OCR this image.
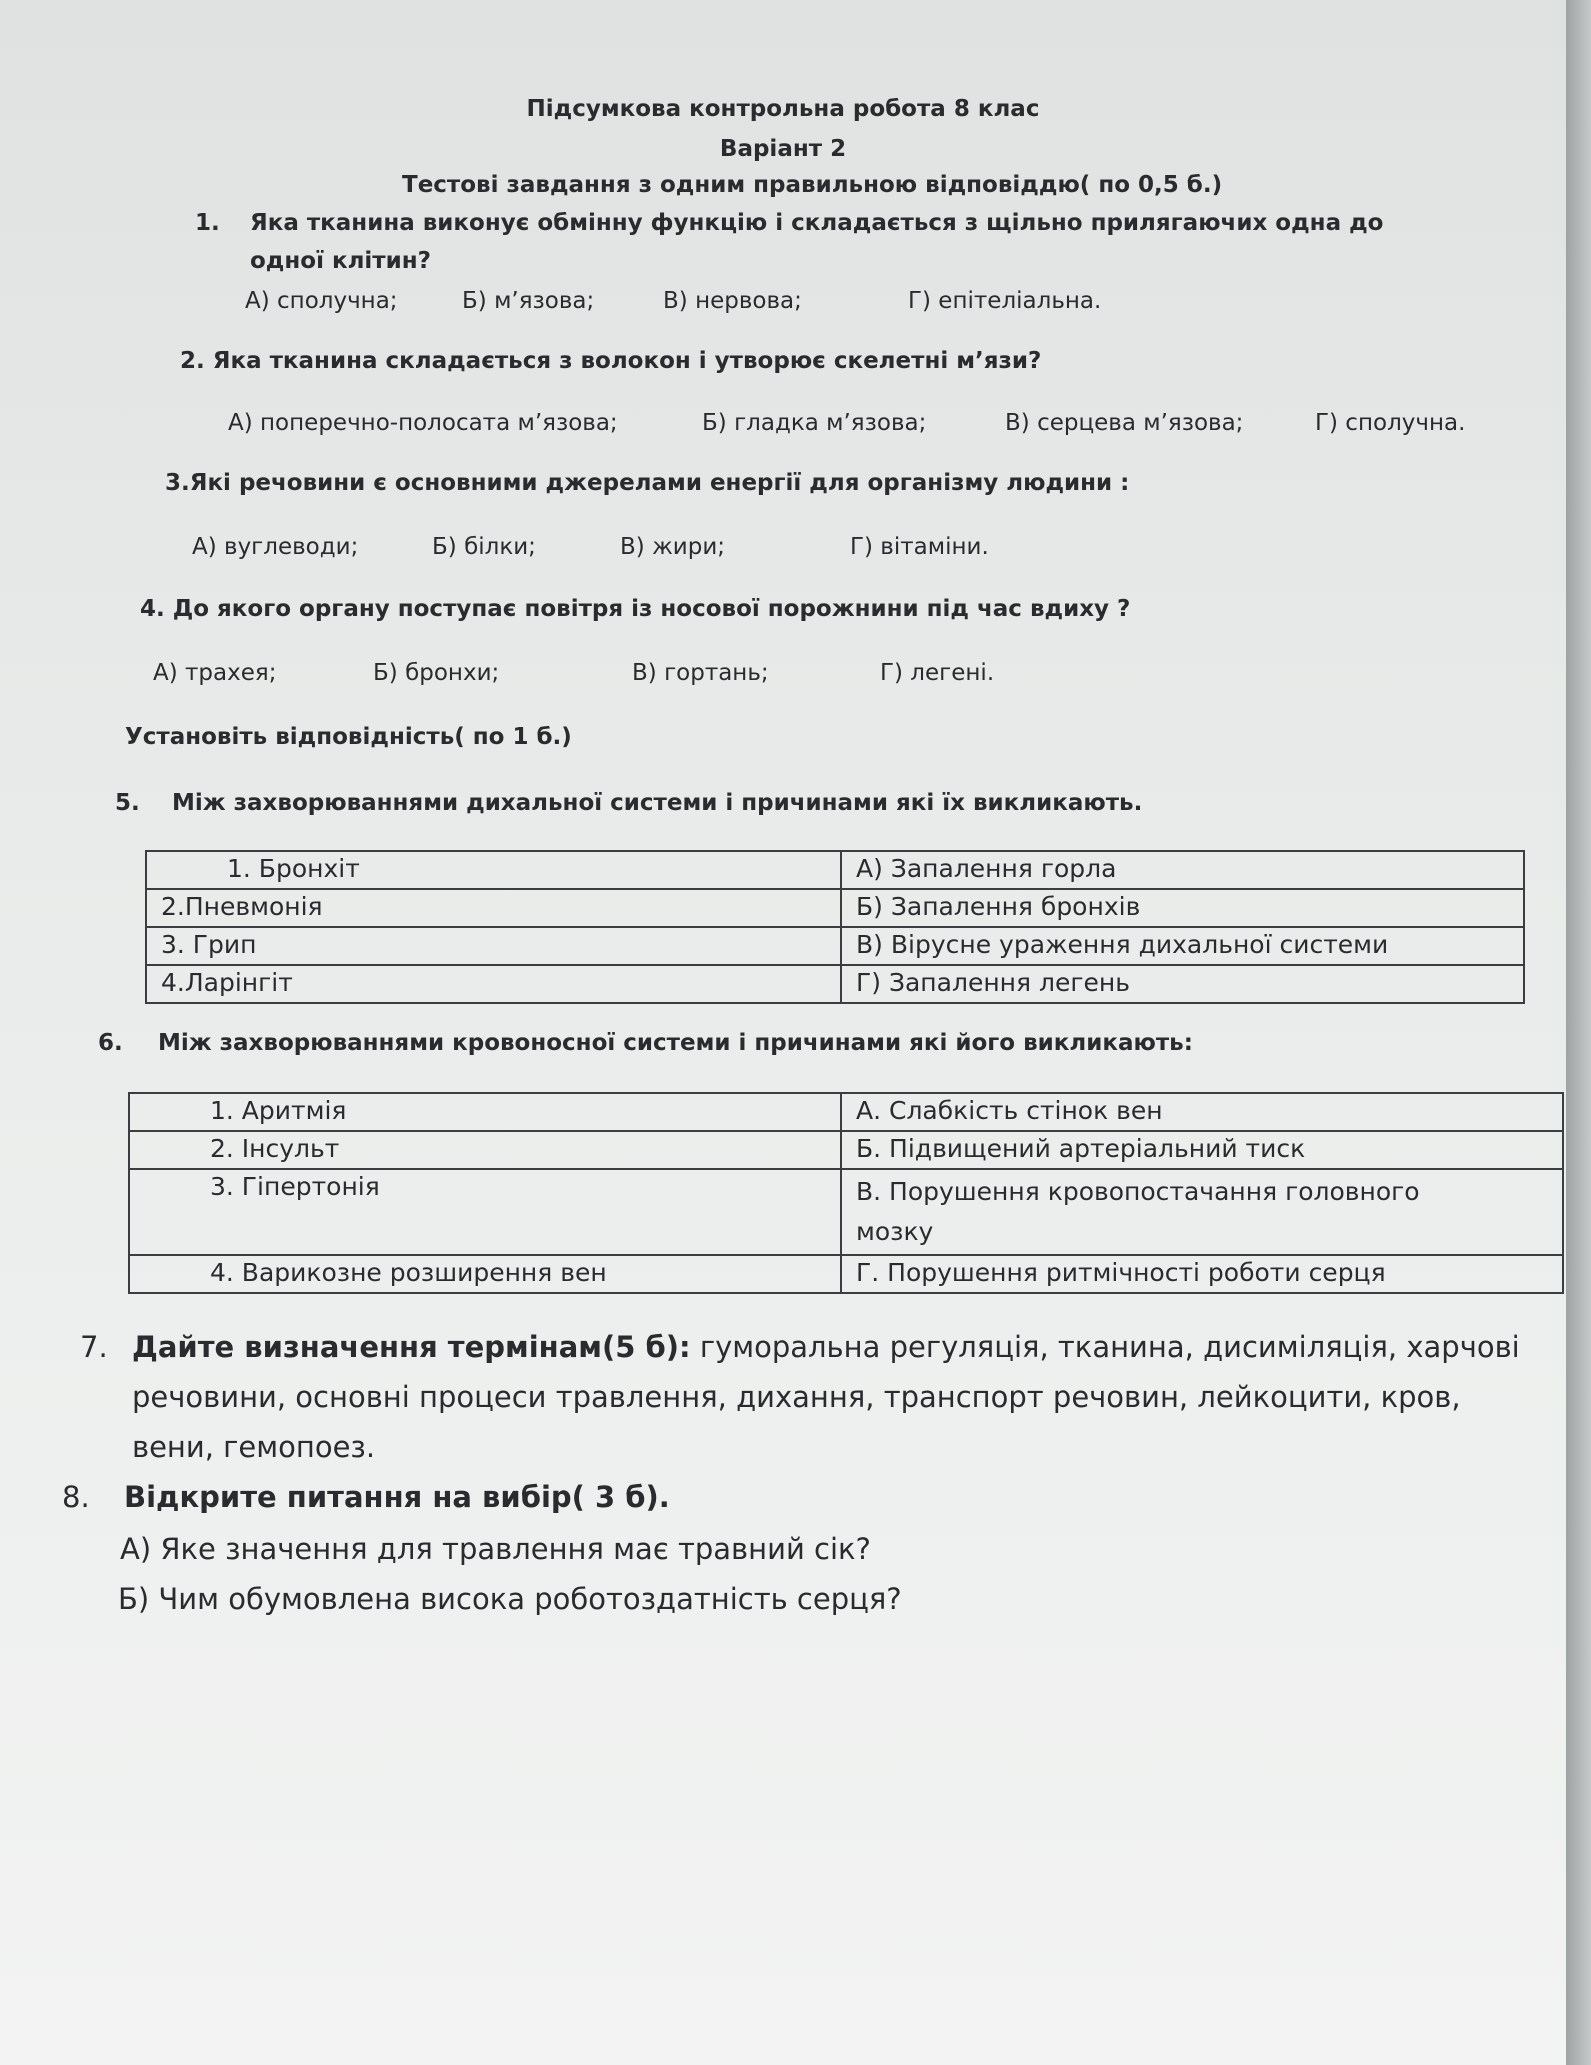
Підсумкова контрольна робота 8 клас
Варіант 2
Тестові завдання з одним правильною відповіддю( по 0,5 б.)
1. Яка тканина виконує обмінну функцію і складається з щільно прилягаючих одна до
одної клітин?
А) сполучна;	Б) м’язова;	В) нервова;	Г) епітеліальна.
2. Яка тканина складається з волокон і утворює скелетні м’язи?
А) поперечно-полосата м’язова;	Б) гладка м’язова;	В) серцева м’язова;	Г) сполучна.
3.Які речовини є основними джерелами енергії для організму людини :
А) вуглеводи;	Б) білки;	В) жири;	Г) вітаміни.
4. До якого органу поступає повітря із носової порожнини під час вдиху ?
А) трахея;	Б) бронхи;	В) гортань;	Г) легені.
Установіть відповідність( по 1 б.)
5. Між захворюваннями дихальної системи і причинами які їх викликають.
1. Бронхіт	А) Запалення горла
2.Пневмонія	Б) Запалення бронхів
3. Грип	В) Вірусне ураження дихальної системи
4.Ларінгіт	Г) Запалення легень
6. Між захворюваннями кровоносної системи і причинами які його викликають:
1. Аритмія	А. Слабкість стінок вен
2. Інсульт	Б. Підвищений артеріальний тиск
3. Гіпертонія	В. Порушення кровопостачання головного
мозку
4. Варикозне розширення вен	Г. Порушення ритмічності роботи серця
7. Дайте визначення термінам(5 б): гуморальна регуляція, тканина, дисиміляція, харчові
речовини, основні процеси травлення, дихання, транспорт речовин, лейкоцити, кров,
вени, гемопоез.
8. Відкрите питання на вибір( 3 б).
А) Яке значення для травлення має травний сік?
Б) Чим обумовлена висока роботоздатність серця?
